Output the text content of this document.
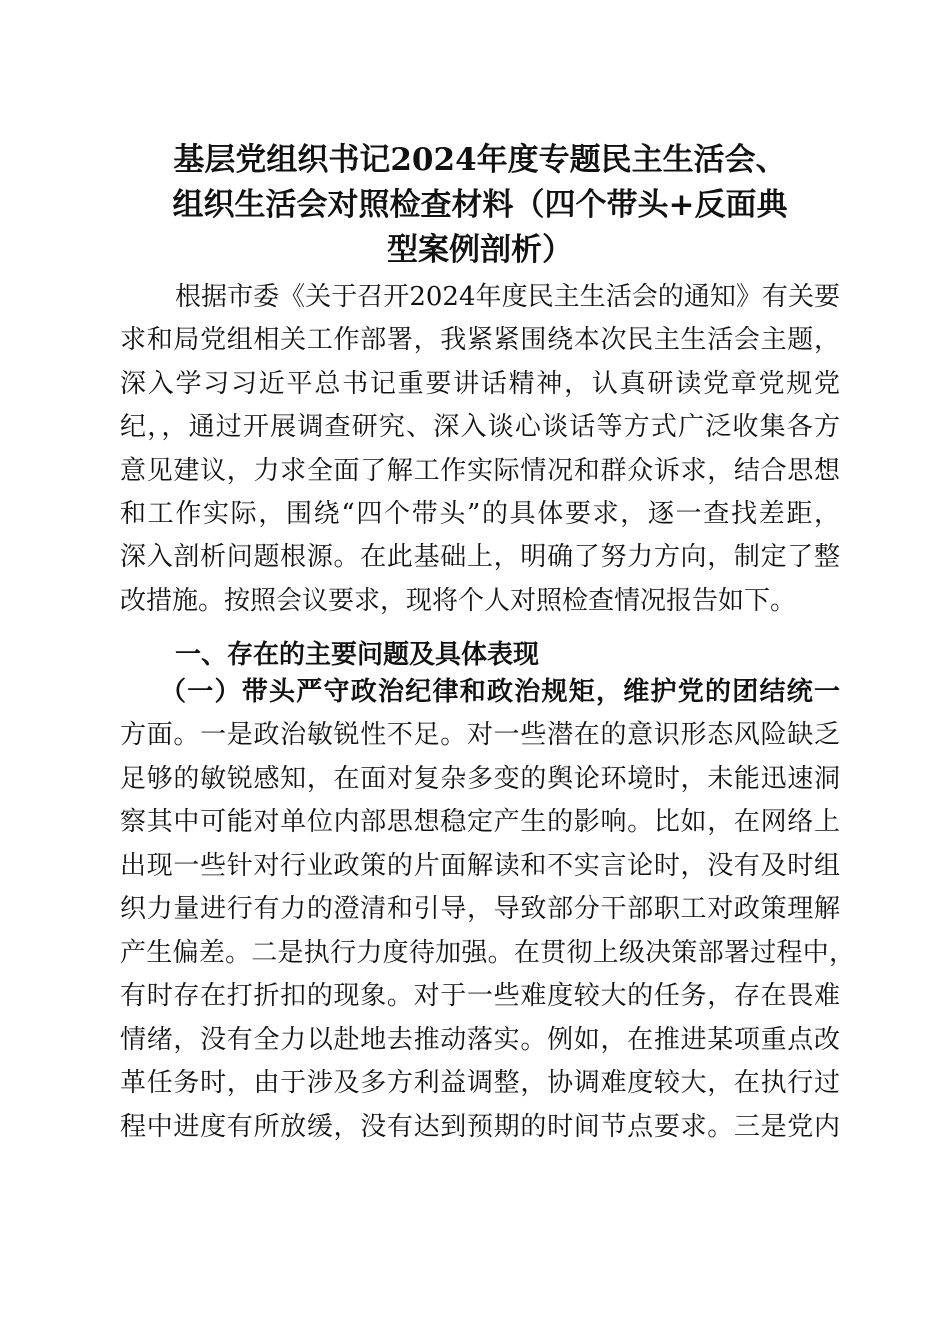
基层党组织书记2024年度专题民主生活会、
组织生活会对照检查材料（四个带头+反面典
型案例剖析）
根据市委《关于召开2024年度民主生活会的通知》有关要
求和局党组相关工作部署，我紧紧围绕本次民主生活会主题，
深入学习习近平总书记重要讲话精神，认真研读党章党规党
纪，，通过开展调查研究、深入谈心谈话等方式广泛收集各方
意见建议，力求全面了解工作实际情况和群众诉求，结合思想
和工作实际，围绕“四个带头”的具体要求，逐一查找差距，
深入剖析问题根源。在此基础上，明确了努力方向，制定了整
改措施。按照会议要求，现将个人对照检查情况报告如下。
一、存在的主要问题及具体表现
（一）带头严守政治纪律和政治规矩，维护党的团结统一
方面。一是政治敏锐性不足。对一些潜在的意识形态风险缺乏
足够的敏锐感知，在面对复杂多变的舆论环境时，未能迅速洞
察其中可能对单位内部思想稳定产生的影响。比如，在网络上
出现一些针对行业政策的片面解读和不实言论时，没有及时组
织力量进行有力的澄清和引导，导致部分干部职工对政策理解
产生偏差。二是执行力度待加强。在贯彻上级决策部署过程中，
有时存在打折扣的现象。对于一些难度较大的任务，存在畏难
情绪，没有全力以赴地去推动落实。例如，在推进某项重点改
革任务时，由于涉及多方利益调整，协调难度较大，在执行过
程中进度有所放缓，没有达到预期的时间节点要求。三是党内
